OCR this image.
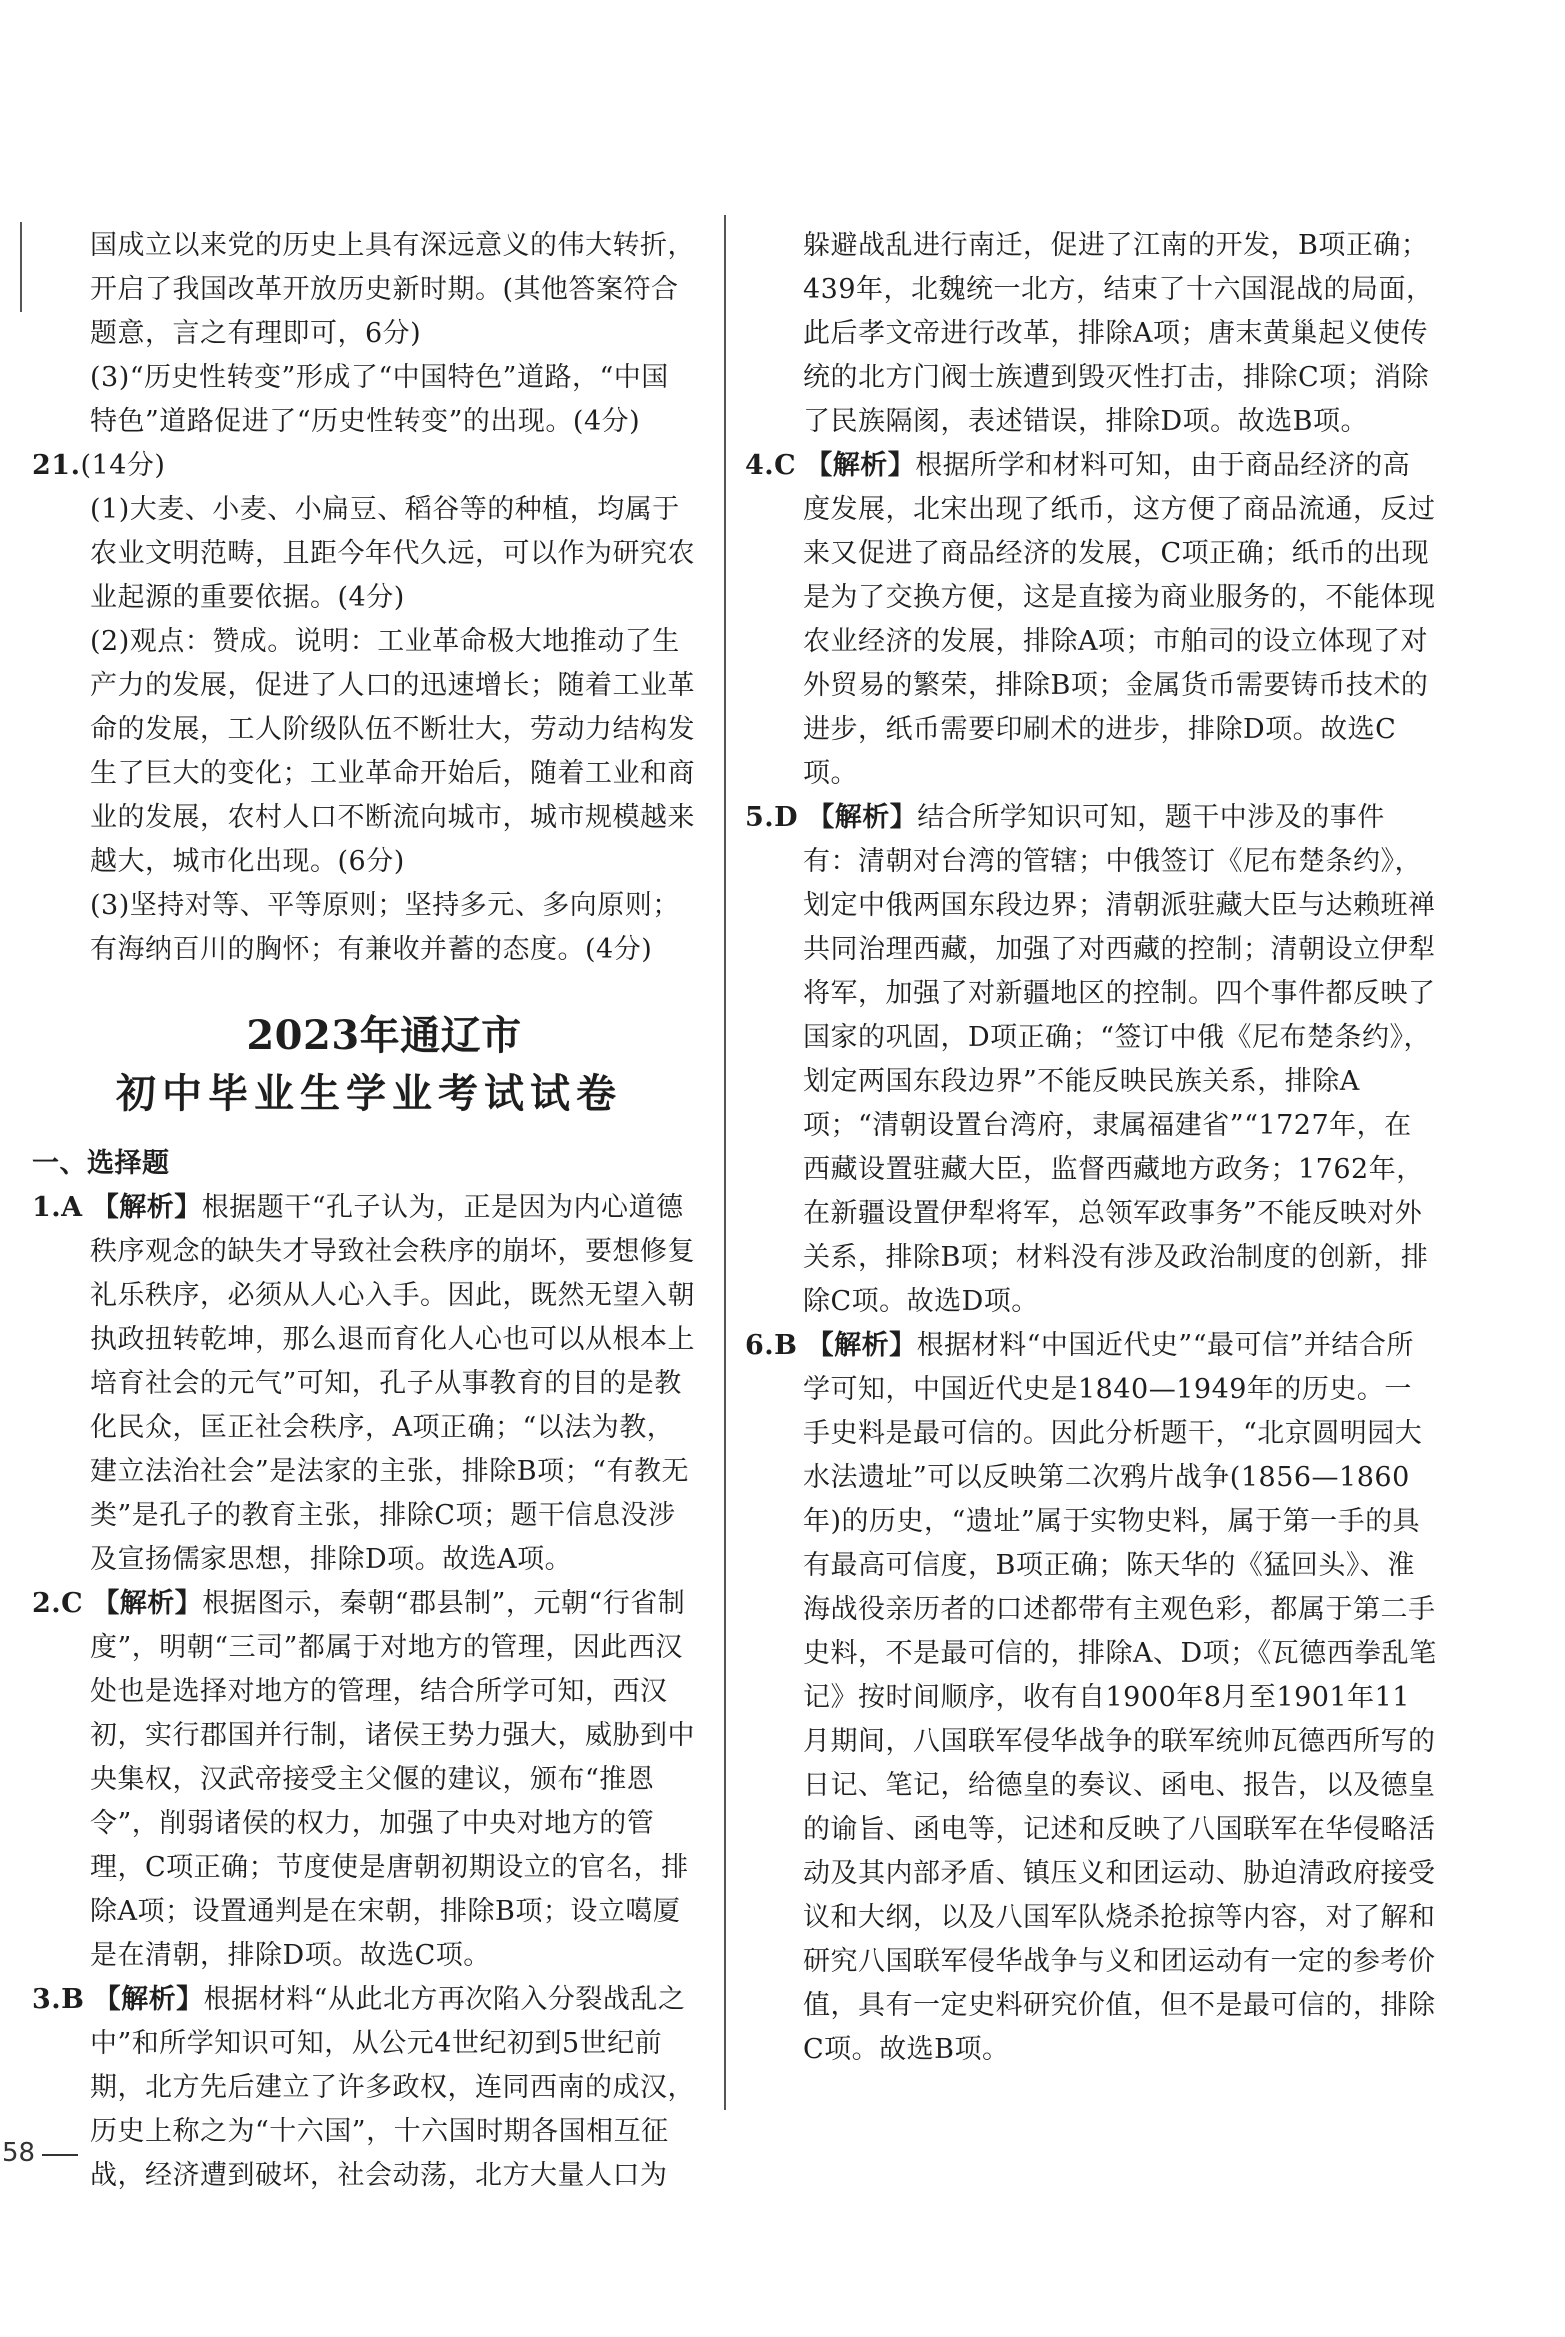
国成立以来党的历史上具有深远意义的伟大转折，开启了我国改革开放历史新时期。(其他答案符合题意，言之有理即可，6分)

(3)“历史性转变”形成了“中国特色”道路，“中国特色”道路促进了“历史性转变”的出现。(4分)

21.(14分)

(1)大麦、小麦、小扁豆、稻谷等的种植，均属于农业文明范畴，且距今年代久远，可以作为研究农业起源的重要依据。(4分)

(2)观点：赞成。说明：工业革命极大地推动了生产力的发展，促进了人口的迅速增长；随着工业革命的发展，工人阶级队伍不断壮大，劳动力结构发生了巨大的变化；工业革命开始后，随着工业和商业的发展，农村人口不断流向城市，城市规模越来越大，城市化出现。(6分)

(3)坚持对等、平等原则；坚持多元、多向原则；有海纳百川的胸怀；有兼收并蓄的态度。(4分)

2023年通辽市
初中毕业生学业考试试卷

一、选择题

1.A 【解析】根据题干“孔子认为，正是因为内心道德秩序观念的缺失才导致社会秩序的崩坏，要想修复礼乐秩序，必须从人心入手。因此，既然无望入朝执政扭转乾坤，那么退而育化人心也可以从根本上培育社会的元气”可知，孔子从事教育的目的是教化民众，匡正社会秩序，A项正确；“以法为教，建立法治社会”是法家的主张，排除B项；“有教无类”是孔子的教育主张，排除C项；题干信息没涉及宣扬儒家思想，排除D项。故选A项。

2.C 【解析】根据图示，秦朝“郡县制”，元朝“行省制度”，明朝“三司”都属于对地方的管理，因此西汉处也是选择对地方的管理，结合所学可知，西汉初，实行郡国并行制，诸侯王势力强大，威胁到中央集权，汉武帝接受主父偃的建议，颁布“推恩令”，削弱诸侯的权力，加强了中央对地方的管理，C项正确；节度使是唐朝初期设立的官名，排除A项；设置通判是在宋朝，排除B项；设立噶厦是在清朝，排除D项。故选C项。

3.B 【解析】根据材料“从此北方再次陷入分裂战乱之中”和所学知识可知，从公元4世纪初到5世纪前期，北方先后建立了许多政权，连同西南的成汉，历史上称之为“十六国”，十六国时期各国相互征战，经济遭到破坏，社会动荡，北方大量人口为

躲避战乱进行南迁，促进了江南的开发，B项正确；439年，北魏统一北方，结束了十六国混战的局面，此后孝文帝进行改革，排除A项；唐末黄巢起义使传统的北方门阀士族遭到毁灭性打击，排除C项；消除了民族隔阂，表述错误，排除D项。故选B项。

4.C 【解析】根据所学和材料可知，由于商品经济的高度发展，北宋出现了纸币，这方便了商品流通，反过来又促进了商品经济的发展，C项正确；纸币的出现是为了交换方便，这是直接为商业服务的，不能体现农业经济的发展，排除A项；市舶司的设立体现了对外贸易的繁荣，排除B项；金属货币需要铸币技术的进步，纸币需要印刷术的进步，排除D项。故选C项。

5.D 【解析】结合所学知识可知，题干中涉及的事件有：清朝对台湾的管辖；中俄签订《尼布楚条约》，划定中俄两国东段边界；清朝派驻藏大臣与达赖班禅共同治理西藏，加强了对西藏的控制；清朝设立伊犁将军，加强了对新疆地区的控制。四个事件都反映了国家的巩固，D项正确；“签订中俄《尼布楚条约》，划定两国东段边界”不能反映民族关系，排除A项；“清朝设置台湾府，隶属福建省”“1727年，在西藏设置驻藏大臣，监督西藏地方政务；1762年，在新疆设置伊犁将军，总领军政事务”不能反映对外关系，排除B项；材料没有涉及政治制度的创新，排除C项。故选D项。

6.B 【解析】根据材料“中国近代史”“最可信”并结合所学可知，中国近代史是1840—1949年的历史。一手史料是最可信的。因此分析题干，“北京圆明园大水法遗址”可以反映第二次鸦片战争(1856—1860年)的历史，“遗址”属于实物史料，属于第一手的具有最高可信度，B项正确；陈天华的《猛回头》、淮海战役亲历者的口述都带有主观色彩，都属于第二手史料，不是最可信的，排除A、D项；《瓦德西拳乱笔记》按时间顺序，收有自1900年8月至1901年11月期间，八国联军侵华战争的联军统帅瓦德西所写的日记、笔记，给德皇的奏议、函电、报告，以及德皇的谕旨、函电等，记述和反映了八国联军在华侵略活动及其内部矛盾、镇压义和团运动、胁迫清政府接受议和大纲，以及八国军队烧杀抢掠等内容，对了解和研究八国联军侵华战争与义和团运动有一定的参考价值，具有一定史料研究价值，但不是最可信的，排除C项。故选B项。

58
